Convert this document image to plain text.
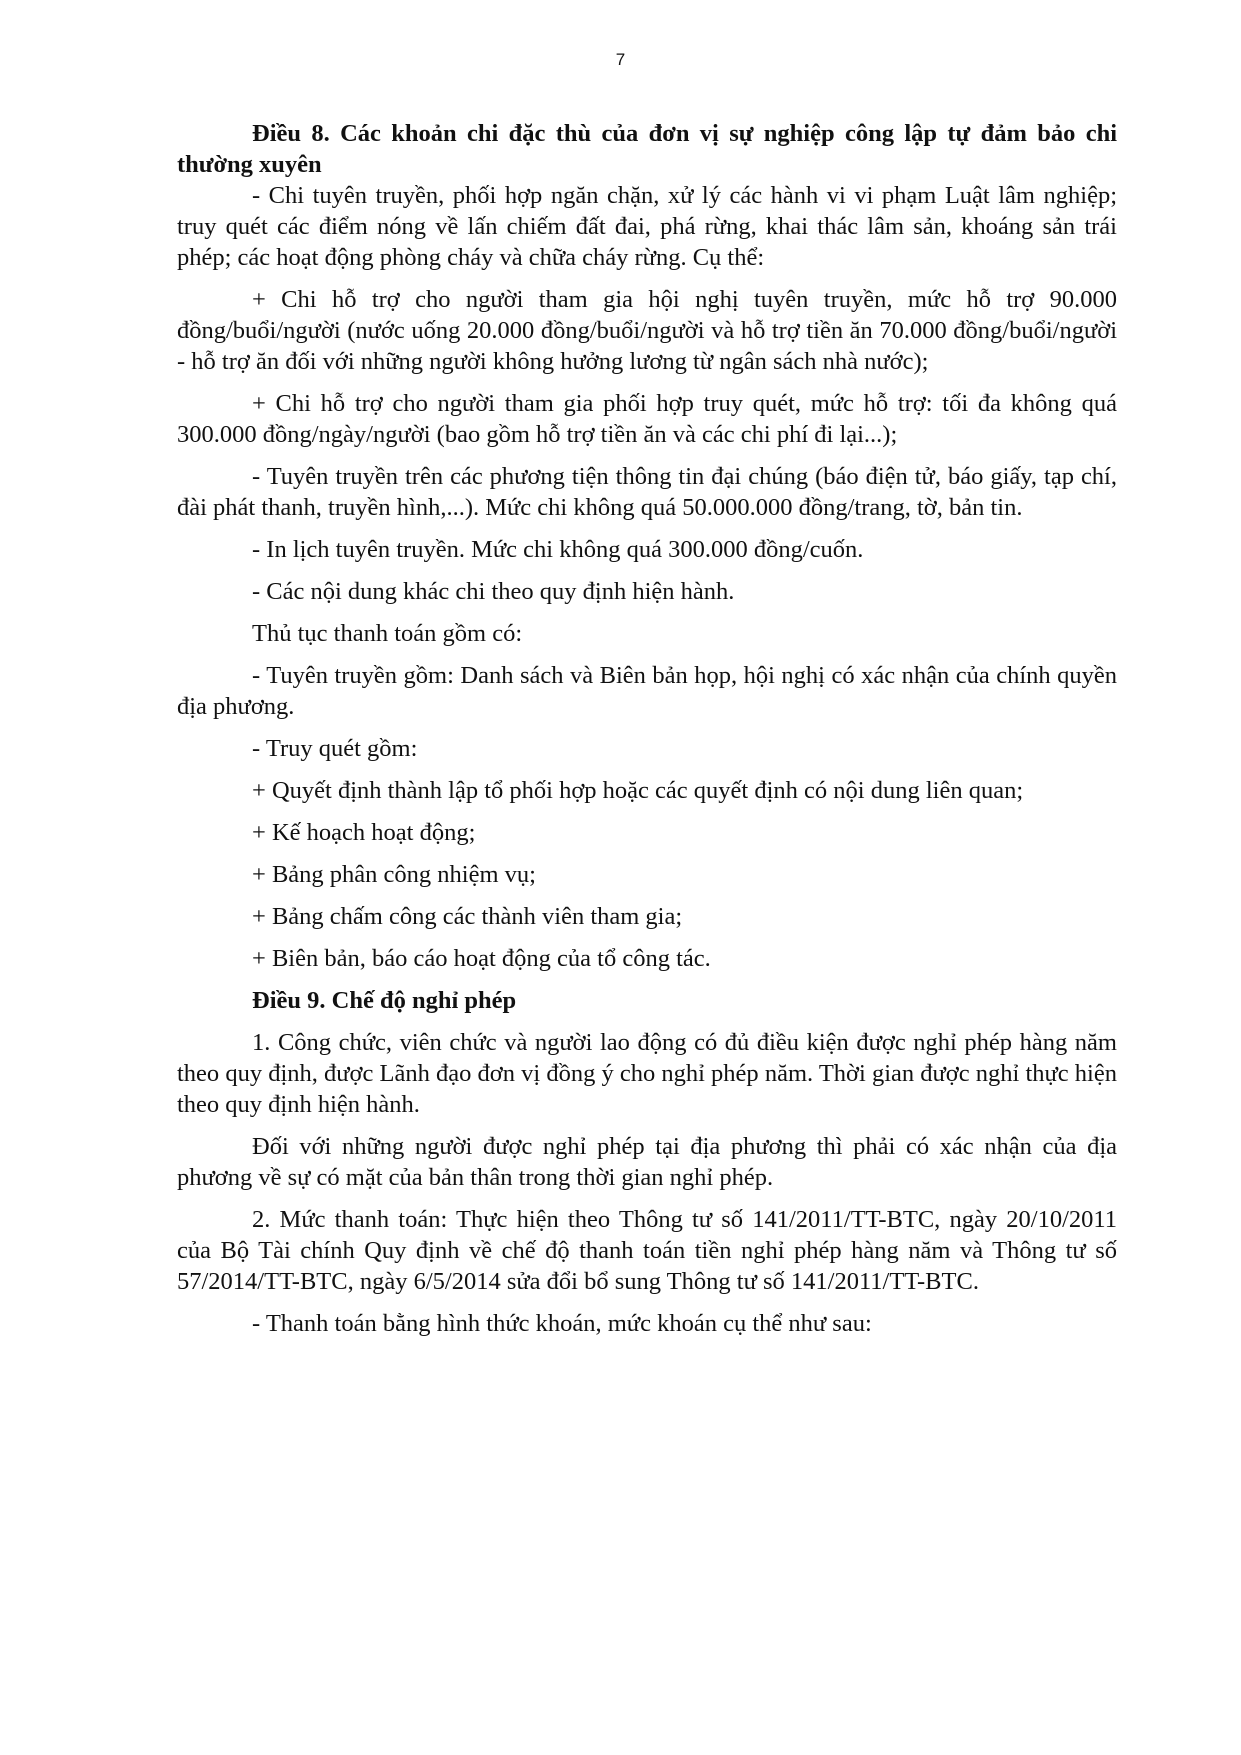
7

Điều 8. Các khoản chi đặc thù của đơn vị sự nghiệp công lập tự đảm bảo chi thường xuyên

- Chi tuyên truyền, phối hợp ngăn chặn, xử lý các hành vi vi phạm Luật lâm nghiệp; truy quét các điểm nóng về lấn chiếm đất đai, phá rừng, khai thác lâm sản, khoáng sản trái phép; các hoạt động phòng cháy và chữa cháy rừng. Cụ thể:

+ Chi hỗ trợ cho người tham gia hội nghị tuyên truyền, mức hỗ trợ 90.000 đồng/buổi/người (nước uống 20.000 đồng/buổi/người và hỗ trợ tiền ăn 70.000 đồng/buổi/người - hỗ trợ ăn đối với những người không hưởng lương từ ngân sách nhà nước);

+ Chi hỗ trợ cho người tham gia phối hợp truy quét, mức hỗ trợ: tối đa không quá 300.000 đồng/ngày/người (bao gồm hỗ trợ tiền ăn và các chi phí đi lại...);

- Tuyên truyền trên các phương tiện thông tin đại chúng (báo điện tử, báo giấy, tạp chí, đài phát thanh, truyền hình,...). Mức chi không quá 50.000.000 đồng/trang, tờ, bản tin.

- In lịch tuyên truyền. Mức chi không quá 300.000 đồng/cuốn.

- Các nội dung khác chi theo quy định hiện hành.

Thủ tục thanh toán gồm có:

- Tuyên truyền gồm: Danh sách và Biên bản họp, hội nghị có xác nhận của chính quyền địa phương.

- Truy quét gồm:

+ Quyết định thành lập tổ phối hợp hoặc các quyết định có nội dung liên quan;

+ Kế hoạch hoạt động;

+ Bảng phân công nhiệm vụ;

+ Bảng chấm công các thành viên tham gia;

+ Biên bản, báo cáo hoạt động của tổ công tác.

Điều 9. Chế độ nghỉ phép

1. Công chức, viên chức và người lao động có đủ điều kiện được nghỉ phép hàng năm theo quy định, được Lãnh đạo đơn vị đồng ý cho nghỉ phép năm. Thời gian được nghỉ thực hiện theo quy định hiện hành.

Đối với những người được nghỉ phép tại địa phương thì phải có xác nhận của địa phương về sự có mặt của bản thân trong thời gian nghỉ phép.

2. Mức thanh toán: Thực hiện theo Thông tư số 141/2011/TT-BTC, ngày 20/10/2011 của Bộ Tài chính Quy định về chế độ thanh toán tiền nghỉ phép hàng năm và Thông tư số 57/2014/TT-BTC, ngày 6/5/2014 sửa đổi bổ sung Thông tư số 141/2011/TT-BTC.

- Thanh toán bằng hình thức khoán, mức khoán cụ thể như sau:
